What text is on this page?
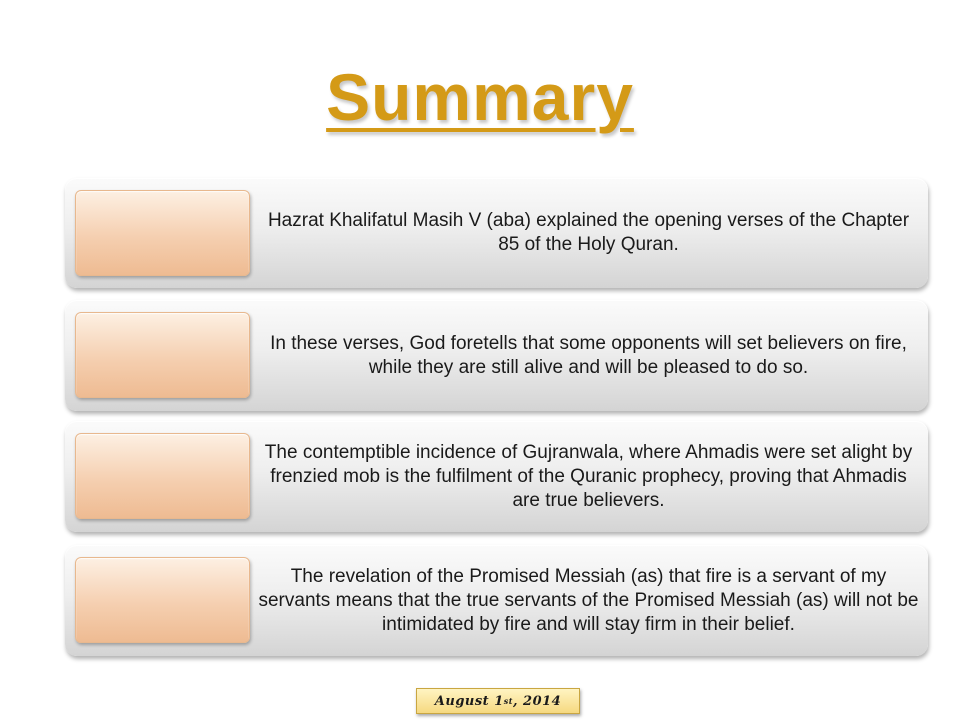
Summary
Hazrat Khalifatul Masih V (aba) explained the opening verses of the Chapter 85 of the Holy Quran.
In these verses, God foretells that some opponents will set believers on fire, while they are still alive and will be pleased to do so.
The contemptible incidence of Gujranwala, where Ahmadis were set alight by frenzied mob is the fulfilment of the Quranic prophecy, proving that Ahmadis are true believers.
The revelation of the Promised Messiah (as) that fire is a servant of my servants means that the true servants of the Promised Messiah (as) will not be intimidated by fire and will stay firm in their belief.
August 1 st , 2014
